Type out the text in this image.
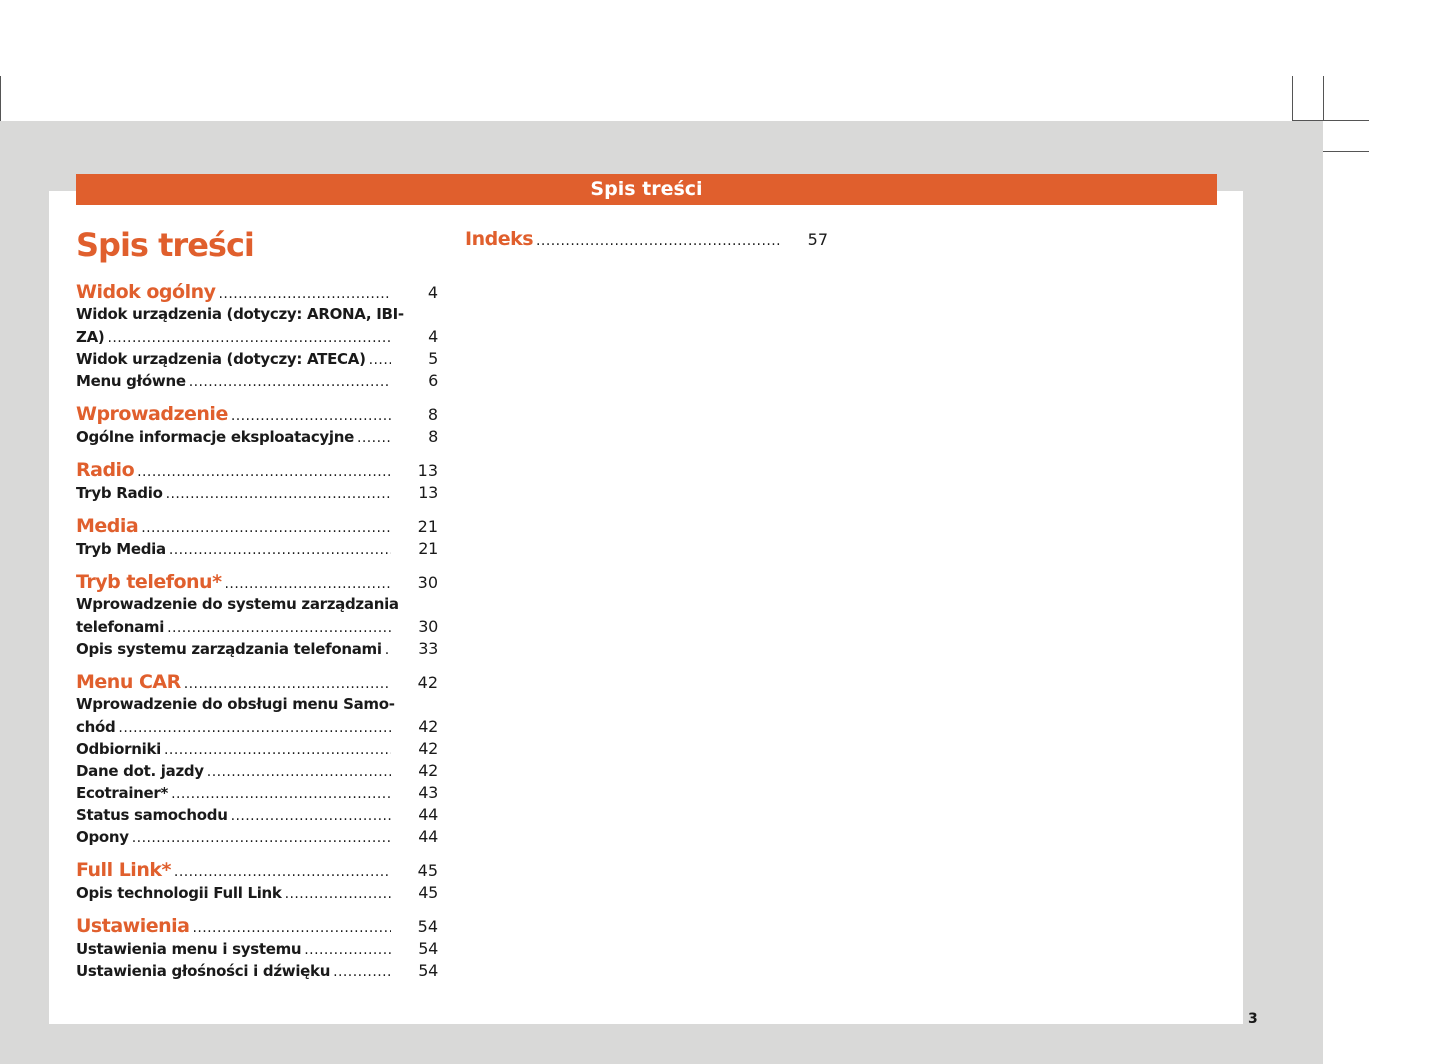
Spis treści
Spis treści
Widok ogólny . . .	4
Widok urządzenia (dotyczy: ARONA, IBI-
ZA) . . .	4
Widok urządzenia (dotyczy: ATECA) . . .	5
Menu główne . . .	6
Wprowadzenie . . .	8
Ogólne informacje eksploatacyjne . . .	8
Radio . . .	13
Tryb Radio . . .	13
Media . . .	21
Tryb Media . . .	21
Tryb telefonu* . . .	30
Wprowadzenie do systemu zarządzania
telefonami . . .	30
Opis systemu zarządzania telefonami . . .	33
Menu CAR . . .	42
Wprowadzenie do obsługi menu Samo-
chód . . .	42
Odbiorniki . . .	42
Dane dot. jazdy . . .	42
Ecotrainer* . . .	43
Status samochodu . . .	44
Opony . . .	44
Full Link* . . .	45
Opis technologii Full Link . . .	45
Ustawienia . . .	54
Ustawienia menu i systemu . . .	54
Ustawienia głośności i dźwięku . . .	54
Indeks . . .	57
3
